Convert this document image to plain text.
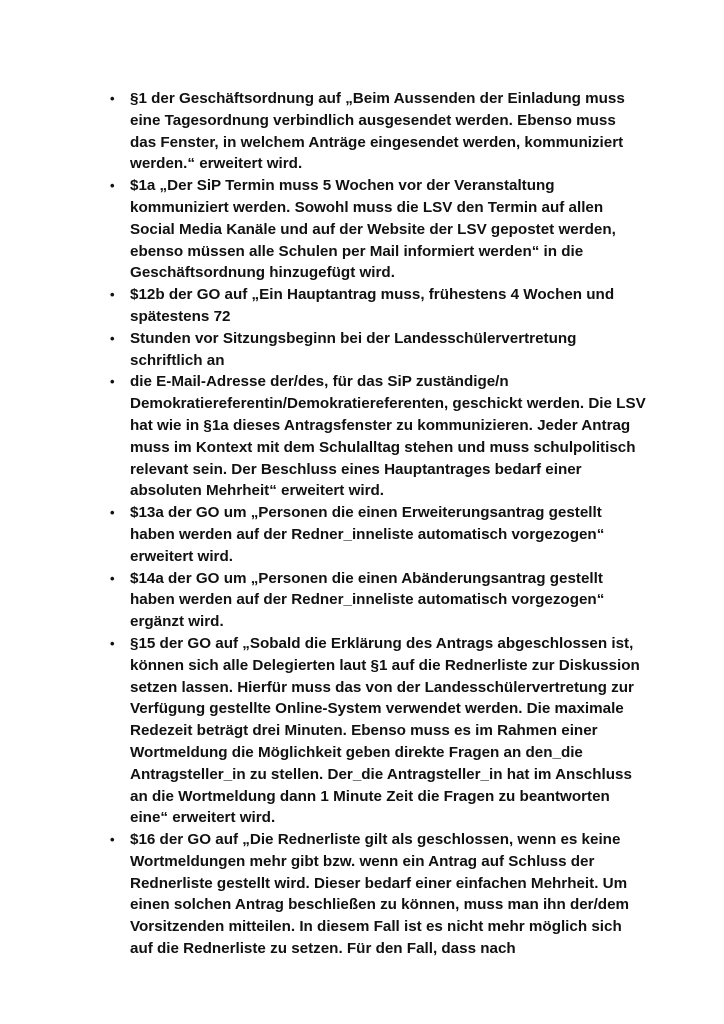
• §1 der Geschäftsordnung auf „Beim Aussenden der Einladung muss eine Tagesordnung verbindlich ausgesendet werden. Ebenso muss das Fenster, in welchem Anträge eingesendet werden, kommuniziert werden.“ erweitert wird.
• $1a „Der SiP Termin muss 5 Wochen vor der Veranstaltung kommuniziert werden. Sowohl muss die LSV den Termin auf allen Social Media Kanäle und auf der Website der LSV gepostet werden, ebenso müssen alle Schulen per Mail informiert werden“ in die Geschäftsordnung hinzugefügt wird.
• $12b der GO auf „Ein Hauptantrag muss, frühestens 4 Wochen und spätestens 72
• Stunden vor Sitzungsbeginn bei der Landesschülervertretung schriftlich an
• die E-Mail-Adresse der/des, für das SiP zuständige/n Demokratiereferentin/Demokratiereferenten, geschickt werden. Die LSV hat wie in §1a dieses Antragsfenster zu kommunizieren. Jeder Antrag muss im Kontext mit dem Schulalltag stehen und muss schulpolitisch relevant sein. Der Beschluss eines Hauptantrages bedarf einer absoluten Mehrheit“ erweitert wird.
• $13a der GO um „Personen die einen Erweiterungsantrag gestellt haben werden auf der Redner_inneliste automatisch vorgezogen“ erweitert wird.
• $14a der GO um „Personen die einen Abänderungsantrag gestellt haben werden auf der Redner_inneliste automatisch vorgezogen“ ergänzt wird.
• §15 der GO auf „Sobald die Erklärung des Antrags abgeschlossen ist, können sich alle Delegierten laut §1 auf die Rednerliste zur Diskussion setzen lassen. Hierfür muss das von der Landesschülervertretung zur Verfügung gestellte Online-System verwendet werden. Die maximale Redezeit beträgt drei Minuten. Ebenso muss es im Rahmen einer Wortmeldung die Möglichkeit geben direkte Fragen an den_die Antragsteller_in zu stellen. Der_die Antragsteller_in hat im Anschluss an die Wortmeldung dann 1 Minute Zeit die Fragen zu beantworten eine“ erweitert wird.
• $16 der GO auf „Die Rednerliste gilt als geschlossen, wenn es keine Wortmeldungen mehr gibt bzw. wenn ein Antrag auf Schluss der Rednerliste gestellt wird. Dieser bedarf einer einfachen Mehrheit. Um einen solchen Antrag beschließen zu können, muss man ihn der/dem Vorsitzenden mitteilen. In diesem Fall ist es nicht mehr möglich sich auf die Rednerliste zu setzen. Für den Fall, dass nach
